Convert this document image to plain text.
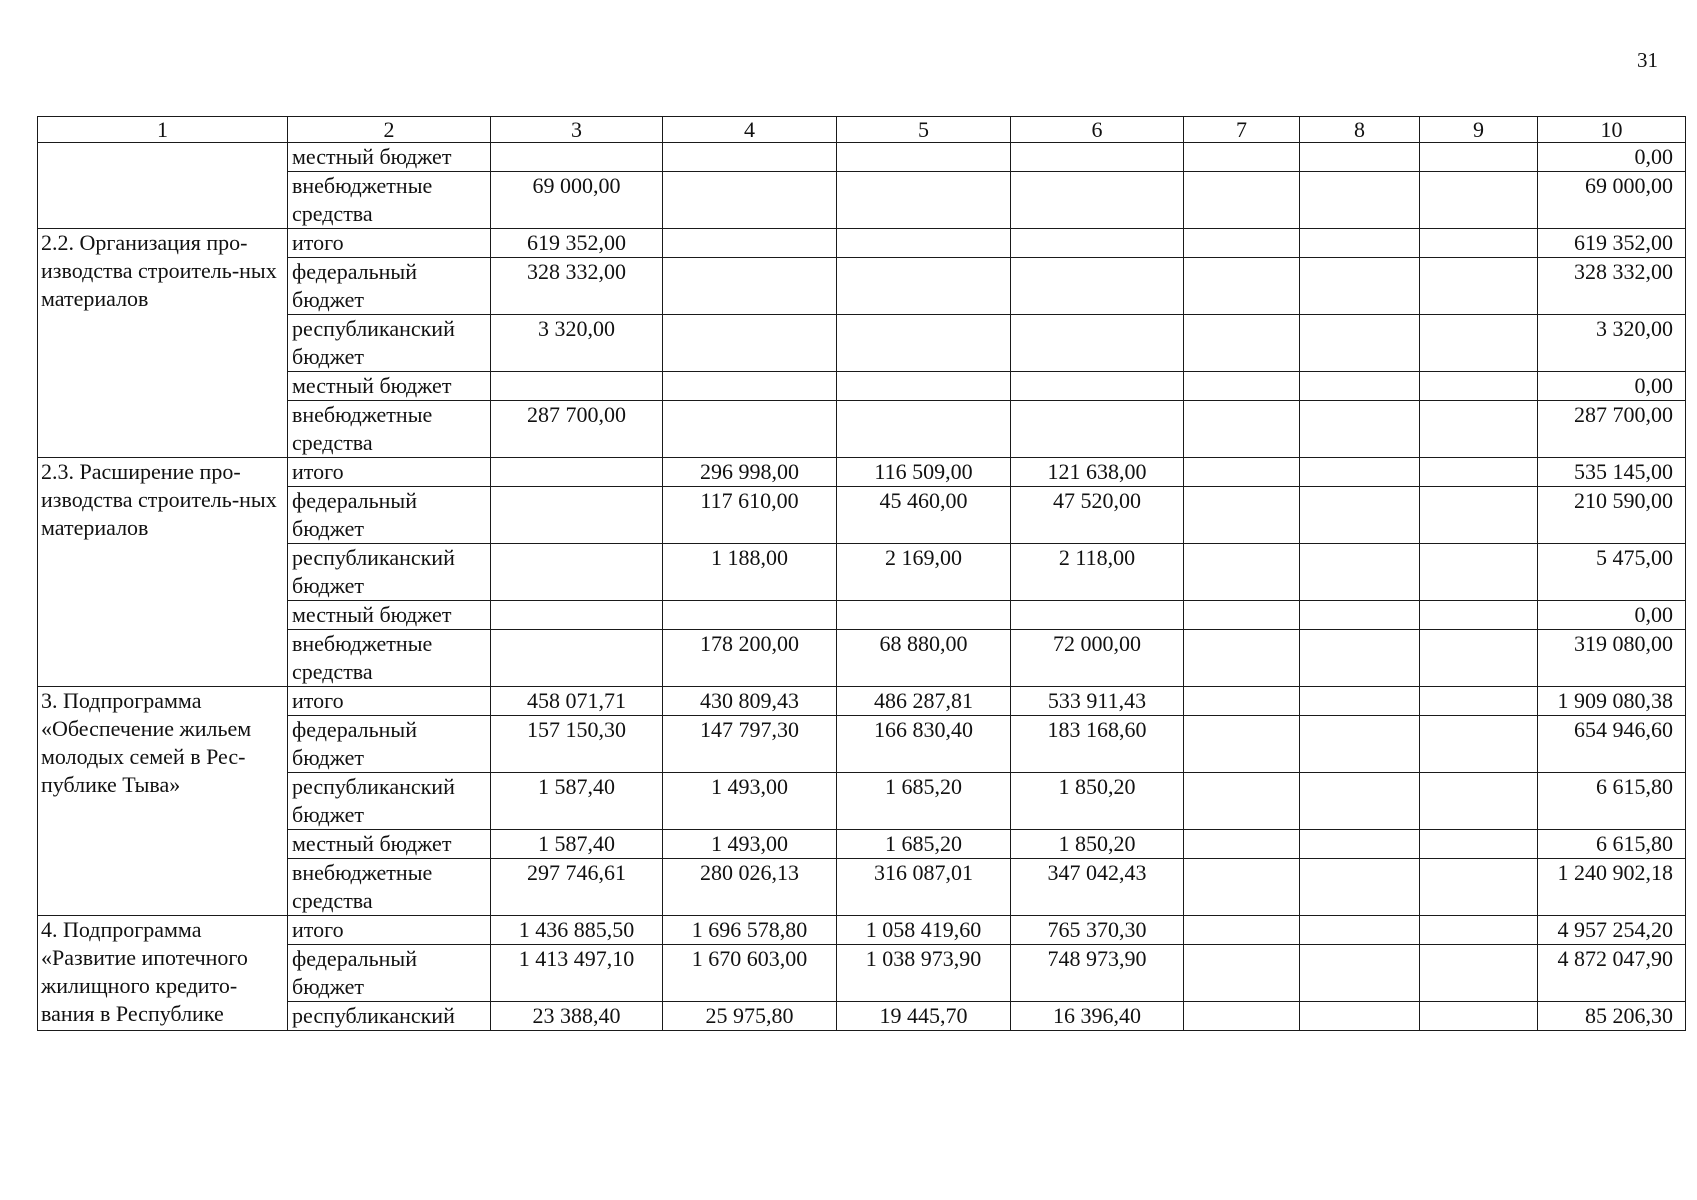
31
1	2	3	4	5	6	7	8	9	10
	местный бюджет								0,00
	внебюджетные средства	69 000,00							69 000,00
2.2. Организация про-изводства строитель-ных материалов	итого	619 352,00							619 352,00
	федеральный бюджет	328 332,00							328 332,00
	республиканский бюджет	3 320,00							3 320,00
	местный бюджет								0,00
	внебюджетные средства	287 700,00							287 700,00
2.3. Расширение про-изводства строитель-ных материалов	итого		296 998,00	116 509,00	121 638,00				535 145,00
	федеральный бюджет		117 610,00	45 460,00	47 520,00				210 590,00
	республиканский бюджет		1 188,00	2 169,00	2 118,00				5 475,00
	местный бюджет								0,00
	внебюджетные средства		178 200,00	68 880,00	72 000,00				319 080,00
3. Подпрограмма «Обеспечение жильем молодых семей в Рес-публике Тыва»	итого	458 071,71	430 809,43	486 287,81	533 911,43				1 909 080,38
	федеральный бюджет	157 150,30	147 797,30	166 830,40	183 168,60				654 946,60
	республиканский бюджет	1 587,40	1 493,00	1 685,20	1 850,20				6 615,80
	местный бюджет	1 587,40	1 493,00	1 685,20	1 850,20				6 615,80
	внебюджетные средства	297 746,61	280 026,13	316 087,01	347 042,43				1 240 902,18
4. Подпрограмма «Развитие ипотечного жилищного кредито-вания в Республике	итого	1 436 885,50	1 696 578,80	1 058 419,60	765 370,30				4 957 254,20
	федеральный бюджет	1 413 497,10	1 670 603,00	1 038 973,90	748 973,90				4 872 047,90
	республиканский	23 388,40	25 975,80	19 445,70	16 396,40				85 206,30
